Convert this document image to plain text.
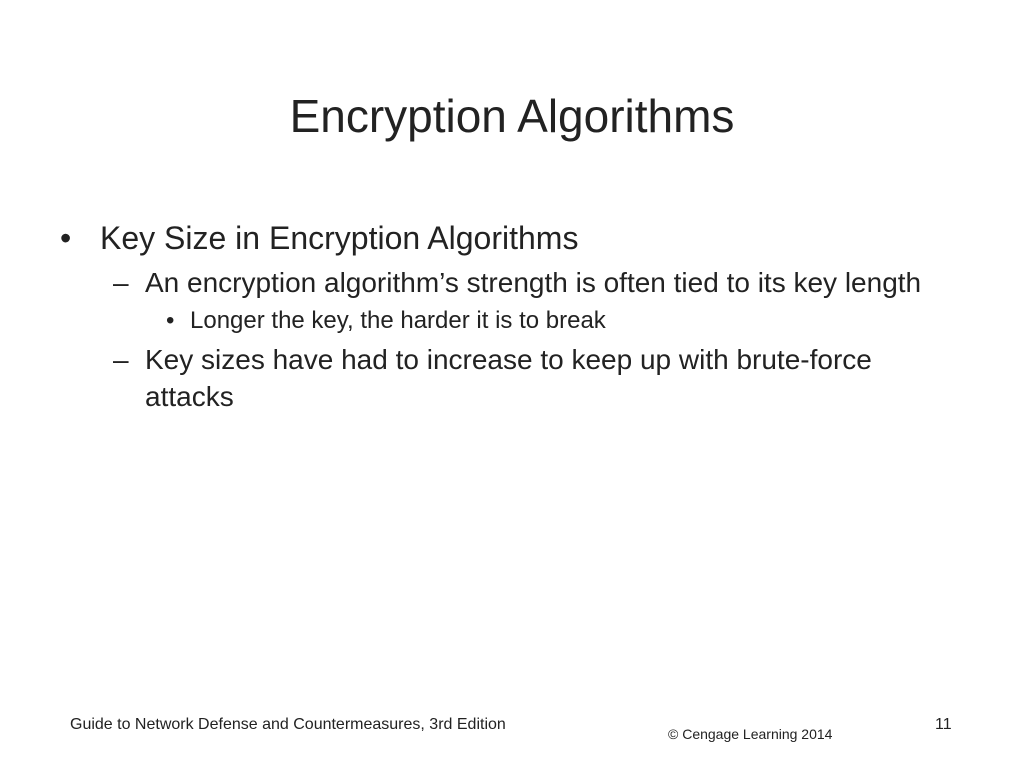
Encryption Algorithms
• Key Size in Encryption Algorithms
– An encryption algorithm’s strength is often tied to its key length
• Longer the key, the harder it is to break
– Key sizes have had to increase to keep up with brute-force attacks
Guide to Network Defense and Countermeasures, 3rd Edition
© Cengage Learning 2014
11
